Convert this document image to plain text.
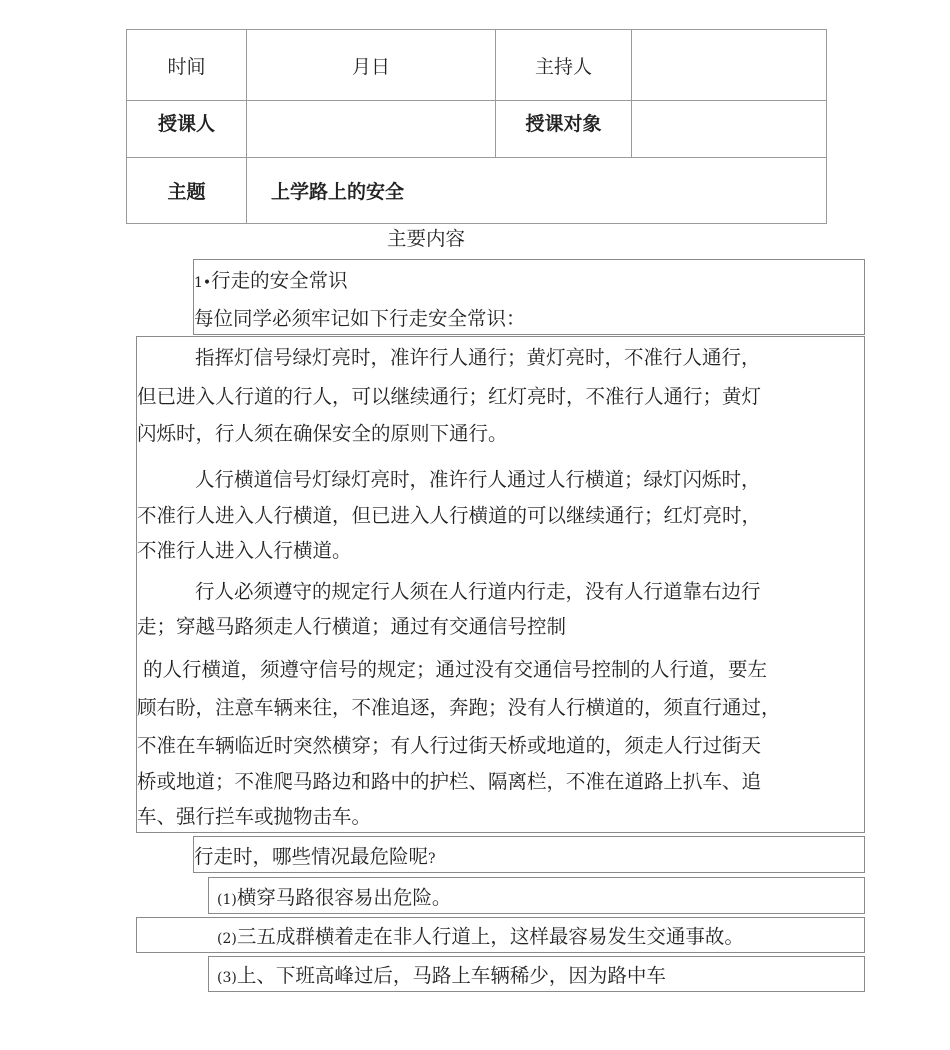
时间	月日	主持人	
授课人		授课对象	
主题	上学路上的安全		
主要内容
1•行走的安全常识
每位同学必须牢记如下行走安全常识：
指挥灯信号绿灯亮时，准许行人通行；黄灯亮时，不准行人通行，
但已进入人行道的行人，可以继续通行；红灯亮时，不准行人通行；黄灯
闪烁时，行人须在确保安全的原则下通行。
人行横道信号灯绿灯亮时，准许行人通过人行横道；绿灯闪烁时，
不准行人进入人行横道，但已进入人行横道的可以继续通行；红灯亮时，
不准行人进入人行横道。
行人必须遵守的规定行人须在人行道内行走，没有人行道靠右边行
走；穿越马路须走人行横道；通过有交通信号控制
的人行横道，须遵守信号的规定；通过没有交通信号控制的人行道，要左
顾右盼，注意车辆来往，不准追逐，奔跑；没有人行横道的，须直行通过，
不准在车辆临近时突然横穿；有人行过街天桥或地道的，须走人行过街天
桥或地道；不准爬马路边和路中的护栏、隔离栏，不准在道路上扒车、追
车、强行拦车或抛物击车。
行走时，哪些情况最危险呢?
(1)横穿马路很容易出危险。
(2)三五成群横着走在非人行道上，这样最容易发生交通事故。
(3)上、下班高峰过后，马路上车辆稀少，因为路中车
